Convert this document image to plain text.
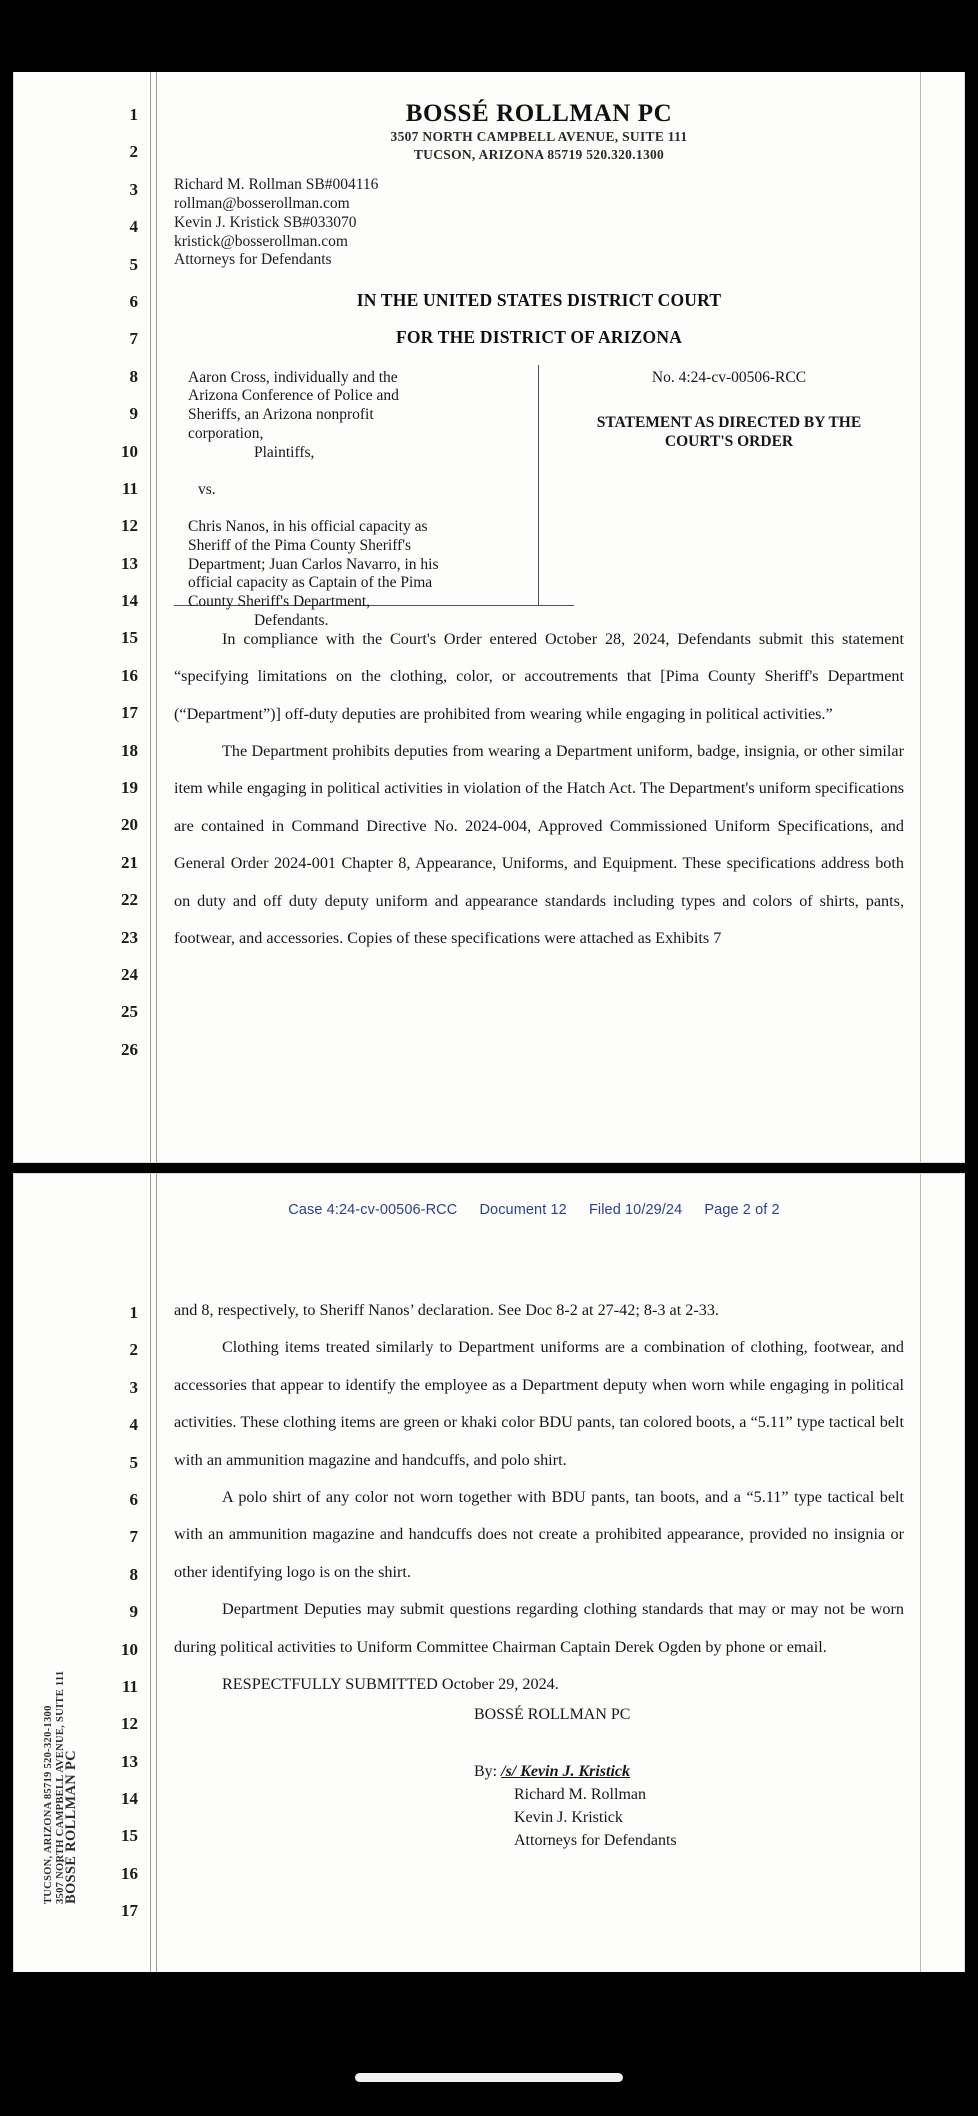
1
2
3
4
5
6
7
8
9
10
11
12
13
14
15
16
17
18
19
20
21
22
23
24
25
26
BOSSÉ ROLLMAN PC
3507 NORTH CAMPBELL AVENUE, SUITE 111
TUCSON, ARIZONA 85719 520.320.1300
Richard M. Rollman SB#004116
rollman@bosserollman.com
Kevin J. Kristick SB#033070
kristick@bosserollman.com
Attorneys for Defendants
IN THE UNITED STATES DISTRICT COURT
FOR THE DISTRICT OF ARIZONA
Aaron Cross, individually and the
Arizona Conference of Police and
Sheriffs, an Arizona nonprofit
corporation,
Plaintiffs,
vs.
Chris Nanos, in his official capacity as
Sheriff of the Pima County Sheriff's
Department; Juan Carlos Navarro, in his
official capacity as Captain of the Pima
County Sheriff's Department,
Defendants.
No. 4:24-cv-00506-RCC
STATEMENT AS DIRECTED BY THE
COURT'S ORDER
In compliance with the Court's Order entered October 28, 2024, Defendants submit this statement “specifying limitations on the clothing, color, or accoutrements that [Pima County Sheriff's Department (“Department”)] off-duty deputies are prohibited from wearing while engaging in political activities.”
The Department prohibits deputies from wearing a Department uniform, badge, insignia, or other similar item while engaging in political activities in violation of the Hatch Act. The Department's uniform specifications are contained in Command Directive No. 2024-004, Approved Commissioned Uniform Specifications, and General Order 2024-001 Chapter 8, Appearance, Uniforms, and Equipment. These specifications address both on duty and off duty deputy uniform and appearance standards including types and colors of shirts, pants, footwear, and accessories. Copies of these specifications were attached as Exhibits 7
Case 4:24-cv-00506-RCC Document 12 Filed 10/29/24 Page 2 of 2
BOSSÉ ROLLMAN PC
3507 NORTH CAMPBELL AVENUE, SUITE 111
TUCSON, ARIZONA 85719 520-320-1300
1
2
3
4
5
6
7
8
9
10
11
12
13
14
15
16
17
and 8, respectively, to Sheriff Nanos’ declaration. See Doc 8-2 at 27-42; 8-3 at 2-33.
Clothing items treated similarly to Department uniforms are a combination of clothing, footwear, and accessories that appear to identify the employee as a Department deputy when worn while engaging in political activities. These clothing items are green or khaki color BDU pants, tan colored boots, a “5.11” type tactical belt with an ammunition magazine and handcuffs, and polo shirt.
A polo shirt of any color not worn together with BDU pants, tan boots, and a “5.11” type tactical belt with an ammunition magazine and handcuffs does not create a prohibited appearance, provided no insignia or other identifying logo is on the shirt.
Department Deputies may submit questions regarding clothing standards that may or may not be worn during political activities to Uniform Committee Chairman Captain Derek Ogden by phone or email.
RESPECTFULLY SUBMITTED October 29, 2024.
BOSSÉ ROLLMAN PC
By: /s/ Kevin J. Kristick
Richard M. Rollman
Kevin J. Kristick
Attorneys for Defendants
